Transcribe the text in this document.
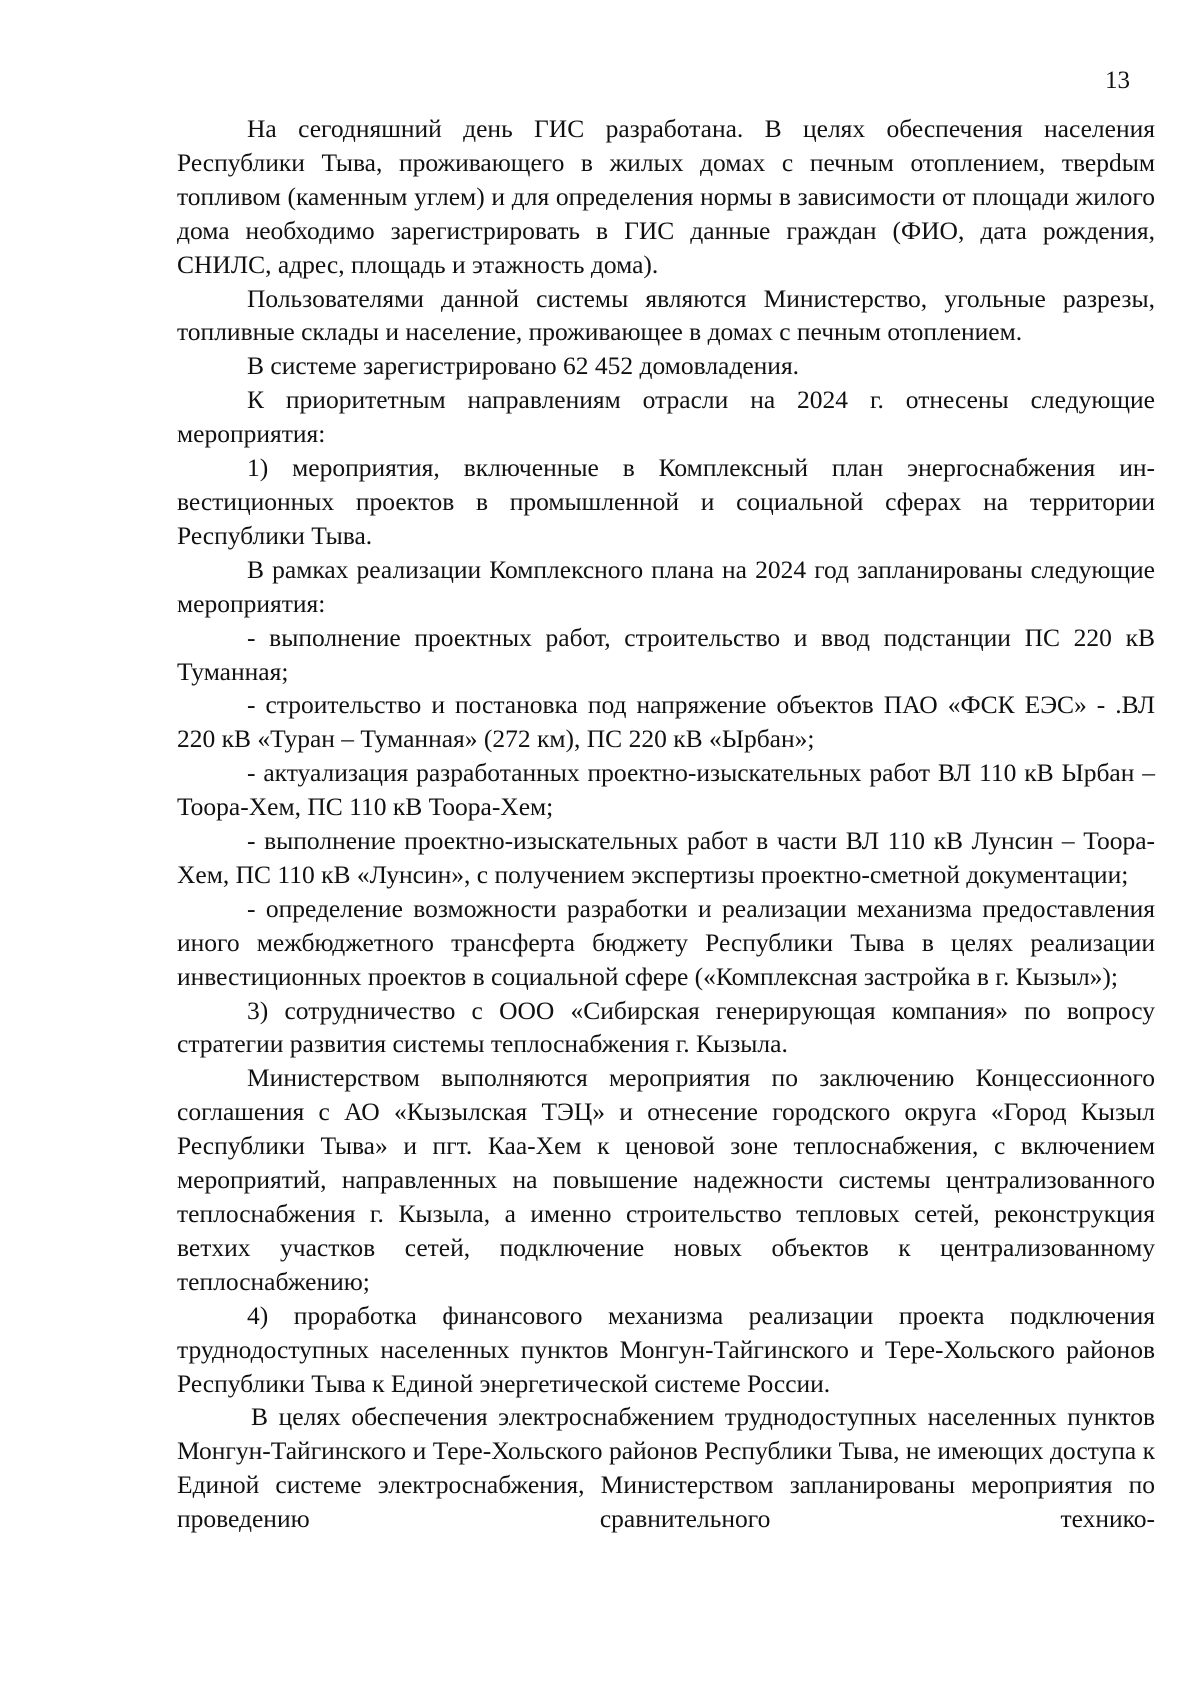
13

На сегодняшний день ГИС разработана. В целях обеспечения населения Республики Тыва, проживающего в жилых домах с печным отоплением, тверdым топливом (каменным углем) и для определения нормы в зависимости от площади жилого дома необходимо зарегистрировать в ГИС данные граждан (ФИО, дата рождения, СНИЛС, адрес, площадь и этажность дома).

Пользователями данной системы являются Министерство, угольные разрезы, топливные склады и население, проживающее в домах с печным отоплением.

В системе зарегистрировано 62 452 домовладения.

К приоритетным направлениям отрасли на 2024 г. отнесены следующие мероприятия:

1) мероприятия, включенные в Комплексный план энергоснабжения инвестиционных проектов в промышленной и социальной сферах на территории Республики Тыва.

В рамках реализации Комплексного плана на 2024 год запланированы следующие мероприятия:

- выполнение проектных работ, строительство и ввод подстанции ПС 220 кВ Туманная;

- строительство и постановка под напряжение объектов ПАО «ФСК ЕЭС» - .ВЛ 220 кВ «Туран – Туманная» (272 км), ПС 220 кВ «Ырбан»;

- актуализация разработанных проектно-изыскательных работ ВЛ 110 кВ Ырбан – Тоора-Хем, ПС 110 кВ Тоора-Хем;

- выполнение проектно-изыскательных работ в части ВЛ 110 кВ Лунсин – Тоора-Хем, ПС 110 кВ «Лунсин», с получением экспертизы проектно-сметной документации;

- определение возможности разработки и реализации механизма предоставления иного межбюджетного трансферта бюджету Республики Тыва в целях реализации инвестиционных проектов в социальной сфере («Комплексная застройка в г. Кызыл»);

3) сотрудничество с ООО «Сибирская генерирующая компания» по вопросу стратегии развития системы теплоснабжения г. Кызыла.

Министерством выполняются мероприятия по заключению Концессионного соглашения с АО «Кызылская ТЭЦ» и отнесение городского округа «Город Кызыл Республики Тыва» и пгт. Каа-Хем к ценовой зоне теплоснабжения, с включением мероприятий, направленных на повышение надежности системы централизованного теплоснабжения г. Кызыла, а именно строительство тепловых сетей, реконструкция ветхих участков сетей, подключение новых объектов к централизованному теплоснабжению;

4) проработка финансового механизма реализации проекта подключения труднодоступных населенных пунктов Монгун-Тайгинского и Тере-Хольского районов Республики Тыва к Единой энергетической системе России.

В целях обеспечения электроснабжением труднодоступных населенных пунктов Монгун-Тайгинского и Тере-Хольского районов Республики Тыва, не имеющих доступа к Единой системе электроснабжения, Министерством запланированы мероприятия по проведению сравнительного технико-
